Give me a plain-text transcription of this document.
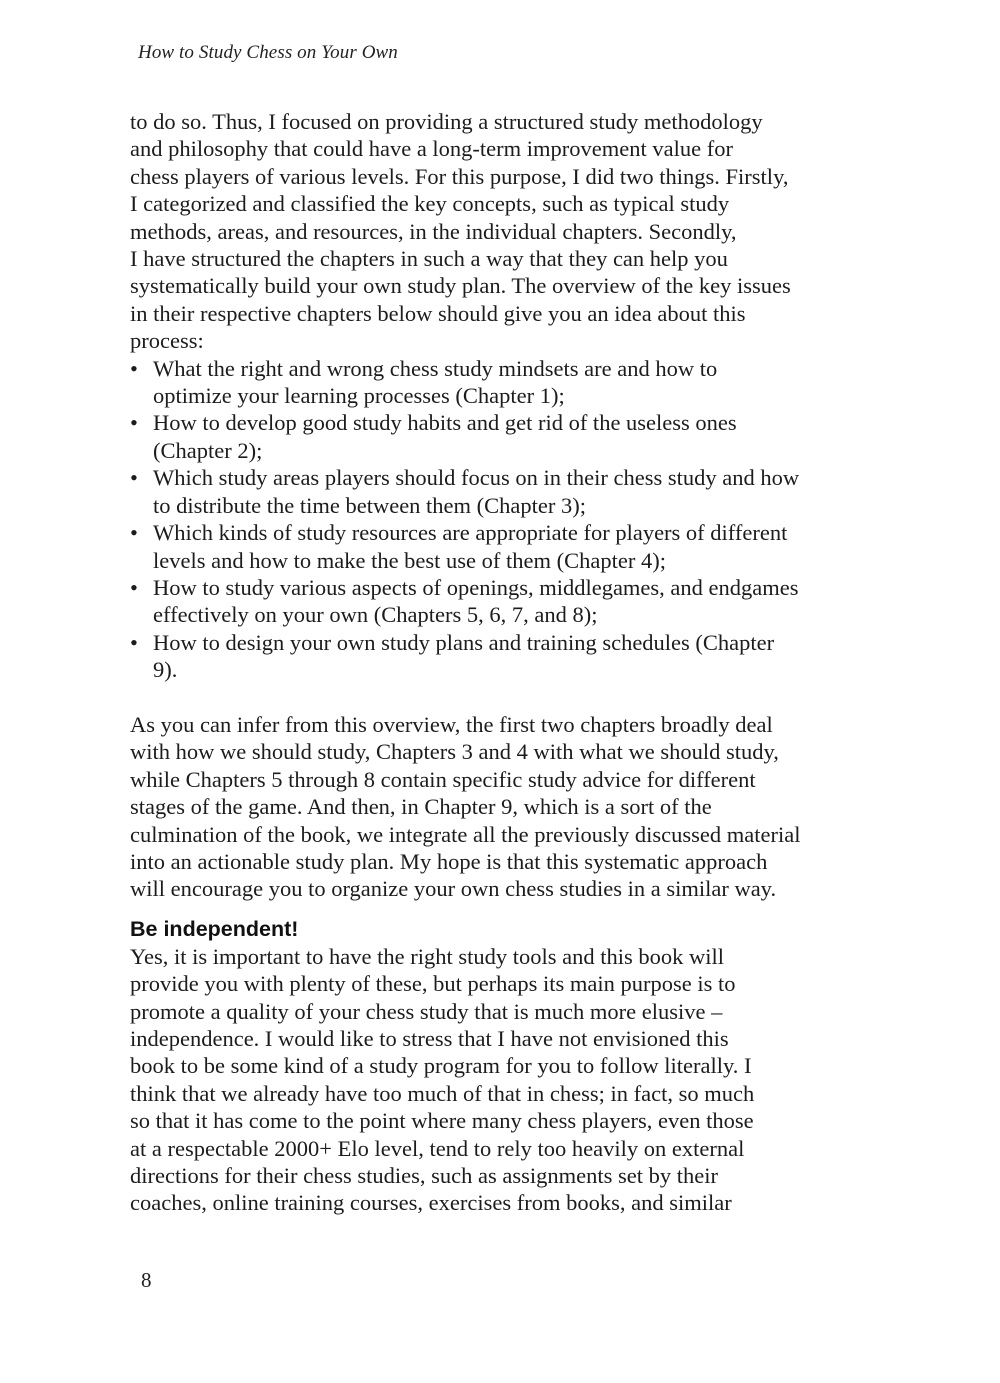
How to Study Chess on Your Own
to do so. Thus, I focused on providing a structured study methodology
and philosophy that could have a long-term improvement value for
chess players of various levels. For this purpose, I did two things. Firstly,
I categorized and classified the key concepts, such as typical study
methods, areas, and resources, in the individual chapters. Secondly,
I have structured the chapters in such a way that they can help you
systematically build your own study plan. The overview of the key issues
in their respective chapters below should give you an idea about this
process:
• What the right and wrong chess study mindsets are and how to
optimize your learning processes (Chapter 1);
• How to develop good study habits and get rid of the useless ones
(Chapter 2);
• Which study areas players should focus on in their chess study and how
to distribute the time between them (Chapter 3);
• Which kinds of study resources are appropriate for players of different
levels and how to make the best use of them (Chapter 4);
• How to study various aspects of openings, middlegames, and endgames
effectively on your own (Chapters 5, 6, 7, and 8);
• How to design your own study plans and training schedules (Chapter
9).
As you can infer from this overview, the first two chapters broadly deal
with how we should study, Chapters 3 and 4 with what we should study,
while Chapters 5 through 8 contain specific study advice for different
stages of the game. And then, in Chapter 9, which is a sort of the
culmination of the book, we integrate all the previously discussed material
into an actionable study plan. My hope is that this systematic approach
will encourage you to organize your own chess studies in a similar way.
Be independent!
Yes, it is important to have the right study tools and this book will
provide you with plenty of these, but perhaps its main purpose is to
promote a quality of your chess study that is much more elusive –
independence. I would like to stress that I have not envisioned this
book to be some kind of a study program for you to follow literally. I
think that we already have too much of that in chess; in fact, so much
so that it has come to the point where many chess players, even those
at a respectable 2000+ Elo level, tend to rely too heavily on external
directions for their chess studies, such as assignments set by their
coaches, online training courses, exercises from books, and similar
8
